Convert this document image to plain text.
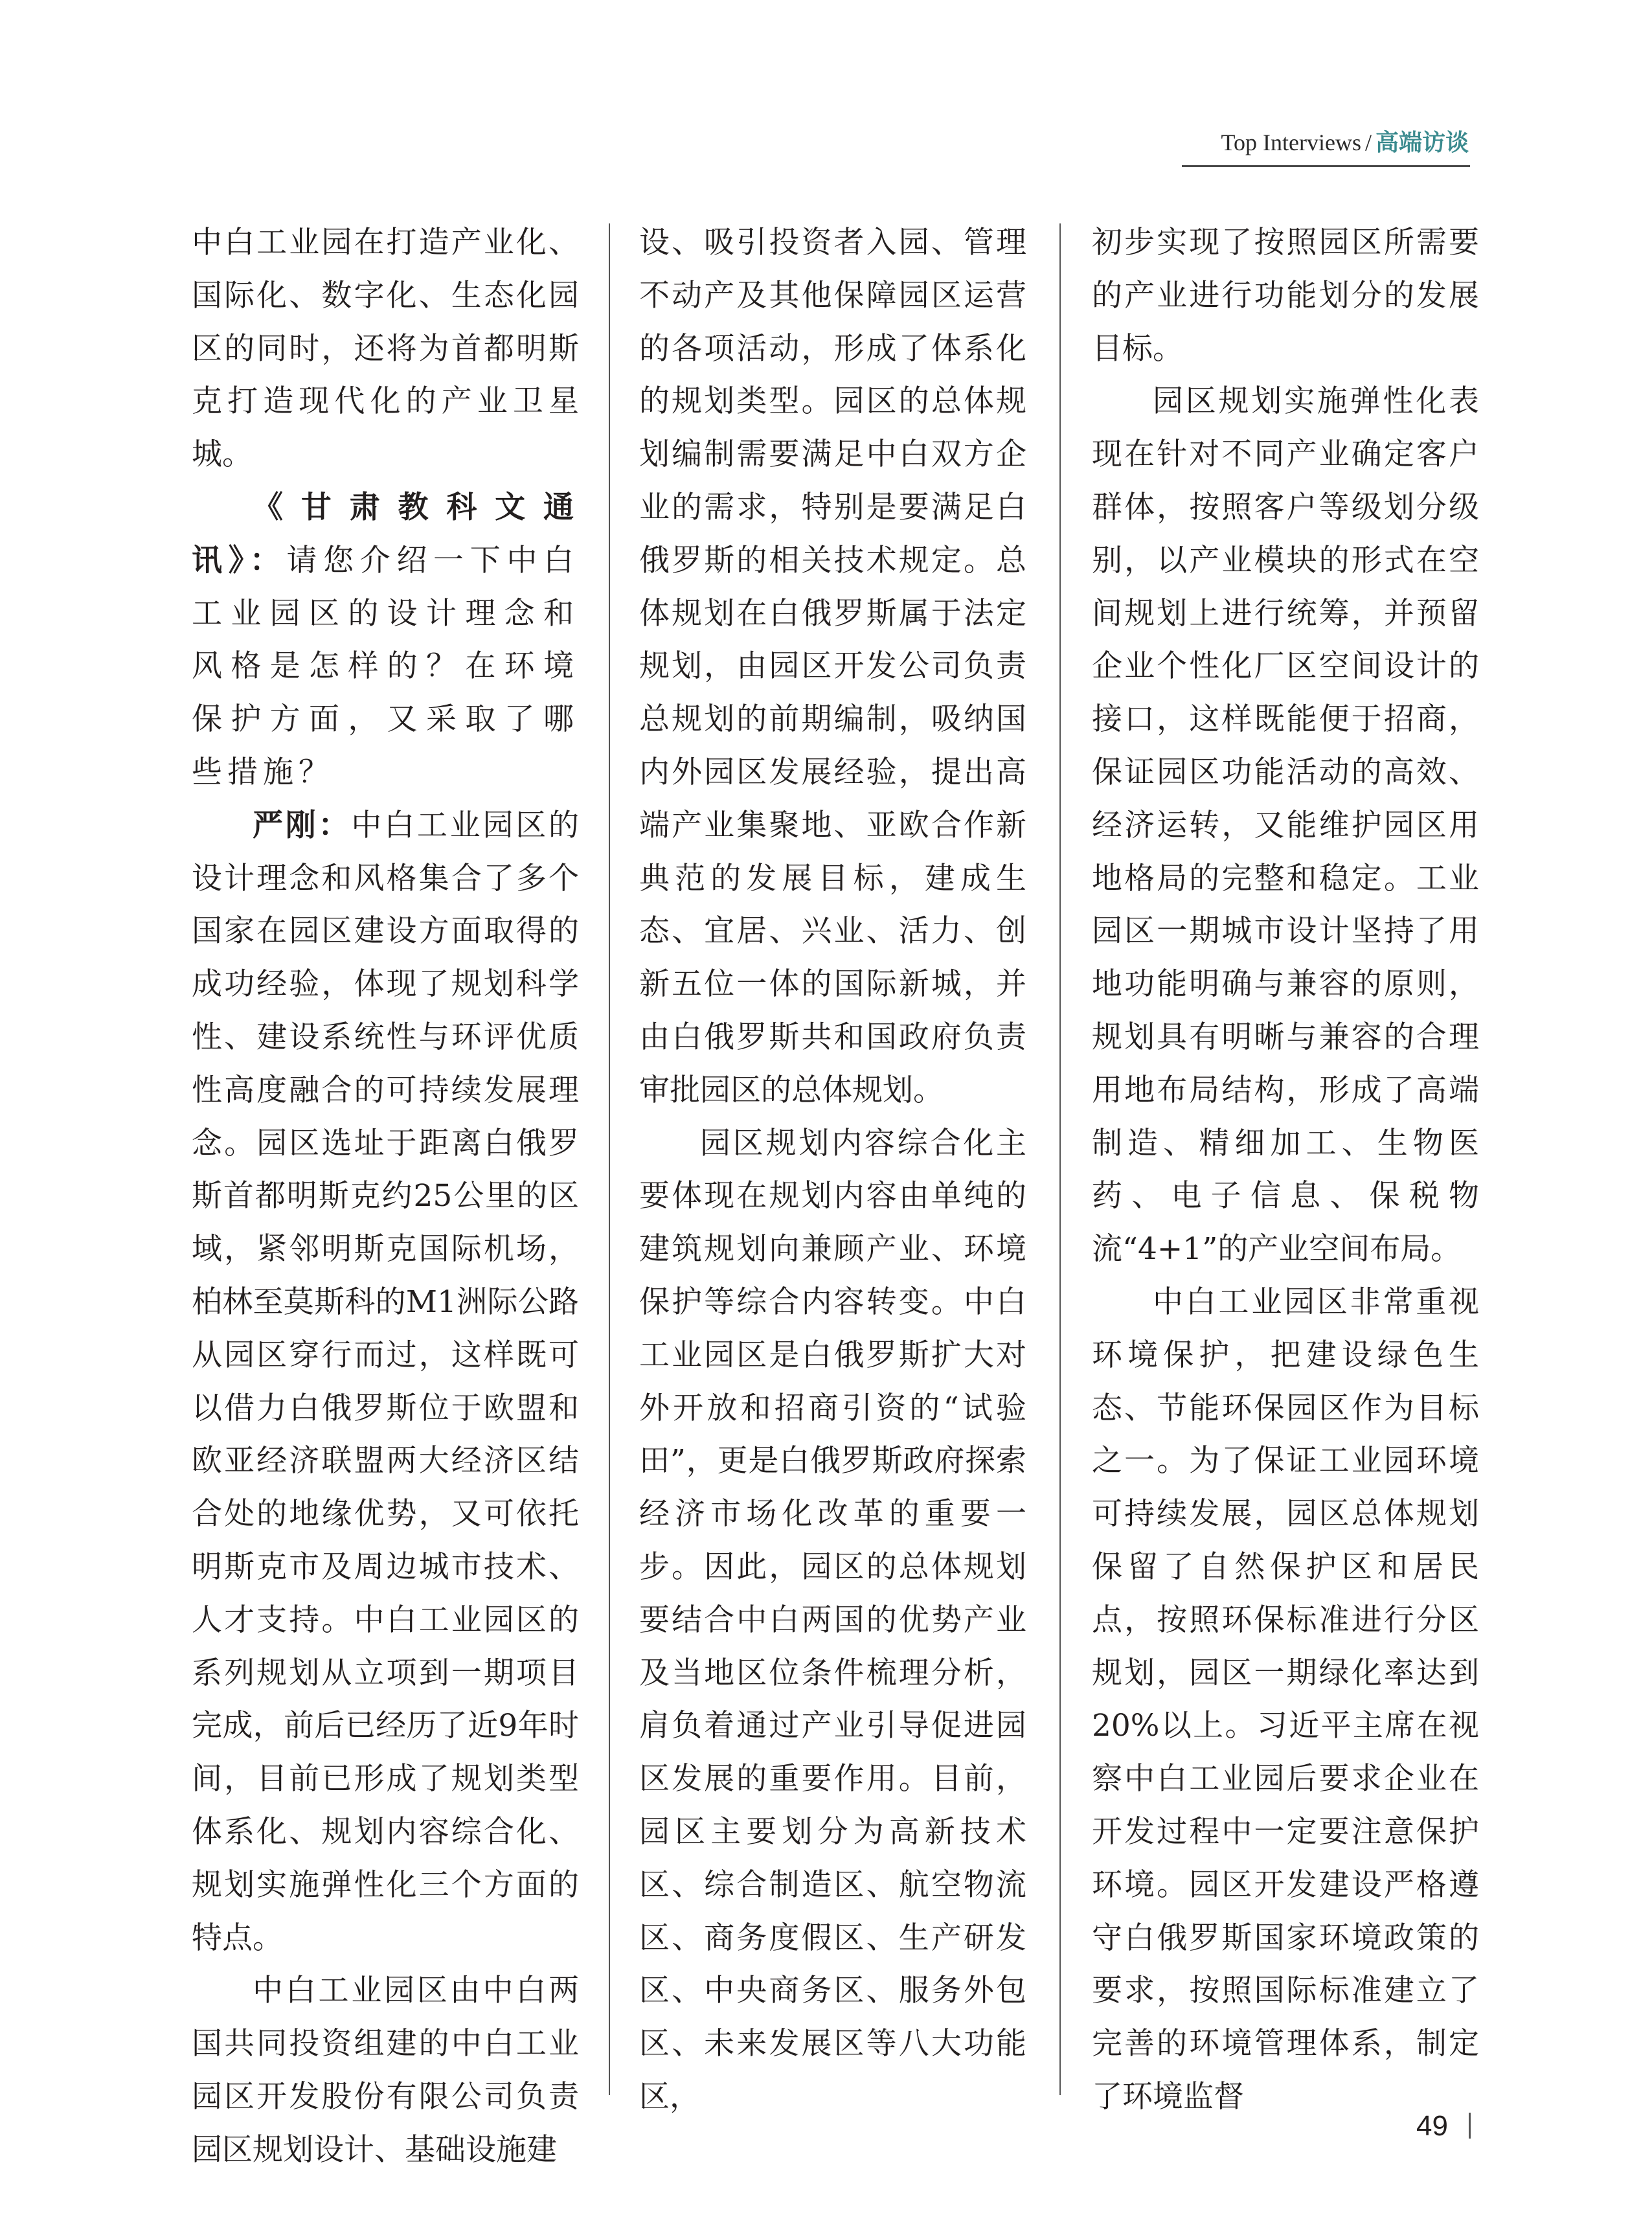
Top Interviews / 高端访谈

中白工业园在打造产业化、国际化、数字化、生态化园区的同时，还将为首都明斯克打造现代化的产业卫星城。

《甘肃教科文通讯》：请您介绍一下中白工业园区的设计理念和风格是怎样的？在环境保护方面，又采取了哪些措施？

严刚：中白工业园区的设计理念和风格集合了多个国家在园区建设方面取得的成功经验，体现了规划科学性、建设系统性与环评优质性高度融合的可持续发展理念。园区选址于距离白俄罗斯首都明斯克约25公里的区域，紧邻明斯克国际机场，柏林至莫斯科的M1洲际公路从园区穿行而过，这样既可以借力白俄罗斯位于欧盟和欧亚经济联盟两大经济区结合处的地缘优势，又可依托明斯克市及周边城市技术、人才支持。中白工业园区的系列规划从立项到一期项目完成，前后已经历了近9年时间，目前已形成了规划类型体系化、规划内容综合化、规划实施弹性化三个方面的特点。

中白工业园区由中白两国共同投资组建的中白工业园区开发股份有限公司负责园区规划设计、基础设施建

设、吸引投资者入园、管理不动产及其他保障园区运营的各项活动，形成了体系化的规划类型。园区的总体规划编制需要满足中白双方企业的需求，特别是要满足白俄罗斯的相关技术规定。总体规划在白俄罗斯属于法定规划，由园区开发公司负责总规划的前期编制，吸纳国内外园区发展经验，提出高端产业集聚地、亚欧合作新典范的发展目标，建成生态、宜居、兴业、活力、创新五位一体的国际新城，并由白俄罗斯共和国政府负责审批园区的总体规划。

园区规划内容综合化主要体现在规划内容由单纯的建筑规划向兼顾产业、环境保护等综合内容转变。中白工业园区是白俄罗斯扩大对外开放和招商引资的“试验田”，更是白俄罗斯政府探索经济市场化改革的重要一步。因此，园区的总体规划要结合中白两国的优势产业及当地区位条件梳理分析，肩负着通过产业引导促进园区发展的重要作用。目前，园区主要划分为高新技术区、综合制造区、航空物流区、商务度假区、生产研发区、中央商务区、服务外包区、未来发展区等八大功能区，

初步实现了按照园区所需要的产业进行功能划分的发展目标。

园区规划实施弹性化表现在针对不同产业确定客户群体，按照客户等级划分级别，以产业模块的形式在空间规划上进行统筹，并预留企业个性化厂区空间设计的接口，这样既能便于招商，保证园区功能活动的高效、经济运转，又能维护园区用地格局的完整和稳定。工业园区一期城市设计坚持了用地功能明确与兼容的原则，规划具有明晰与兼容的合理用地布局结构，形成了高端制造、精细加工、生物医药、电子信息、保税物流“4+1”的产业空间布局。

中白工业园区非常重视环境保护，把建设绿色生态、节能环保园区作为目标之一。为了保证工业园环境可持续发展，园区总体规划保留了自然保护区和居民点，按照环保标准进行分区规划，园区一期绿化率达到20%以上。习近平主席在视察中白工业园后要求企业在开发过程中一定要注意保护环境。园区开发建设严格遵守白俄罗斯国家环境政策的要求，按照国际标准建立了完善的环境管理体系，制定了环境监督

49
